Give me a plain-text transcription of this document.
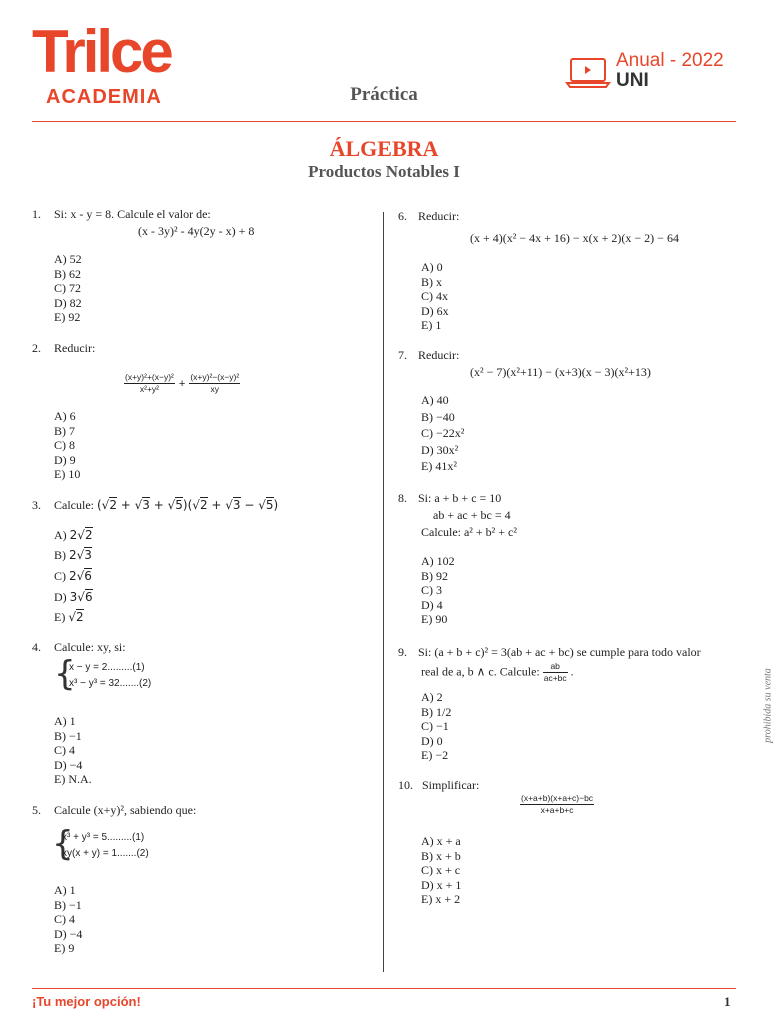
Trilce
ACADEMIA	Práctica
Anual - 2022
UNI
ÁLGEBRA
Productos Notables I
1. Si: x - y = 8. Calcule el valor de:
(x - 3y)² - 4y(2y - x) + 8
A) 52
B) 62
C) 72
D) 82
E) 92
2. Reducir:
$\frac{\text{(x+y)²+(x−y)²}}{\text{x²+y²}} + \frac{\text{(x+y)²−(x−y)²}}{xy}$
A) 6
B) 7
C) 8
D) 9
E) 10
3. Calcule: (√2 + √3 + √5)(√2 + √3 − √5)
A) 2√2
B) 2√3
C) 2√6
D) 3√6
E) √2
4. Calcule: xy, si:
{
x − y = 2.........(1)
x³ − y³ = 32.......(2)
A) 1
B) −1
C) 4
D) −4
E) N.A.
5. Calcule (x+y)², sabiendo que:
{
x³ + y³ = 5.........(1)
xy(x + y) = 1.......(2)
A) 1
B) −1
C) 4
D) −4
E) 9
6. Reducir:
(x + 4)(x² − 4x + 16) − x(x + 2)(x − 2) − 64
A) 0
B) x
C) 4x
D) 6x
E) 1
7. Reducir:
(x² − 7)(x²+11) − (x+3)(x − 3)(x²+13)
A) 40
B) −40
C) −22x²
D) 30x²
E) 41x²
8. Si: a + b + c = 10
ab + ac + bc = 4
Calcule: a² + b² + c²
A) 102
B) 92
C) 3
D) 4
E) 90
9. Si: (a + b + c)² = 3(ab + ac + bc) se cumple para todo valor
real de a, b ∧ c. Calcule: $\frac{ab}{ac+bc}$ .
A) 2
B) 1/2
C) −1
D) 0
E) −2
10. Simplificar:
$\frac{(x+a+b)(x+a+c)-bc}{x+a+b+c}$
A) x + a
B) x + b
C) x + c
D) x + 1
E) x + 2
prohibida su venta
¡Tu mejor opción!	1
